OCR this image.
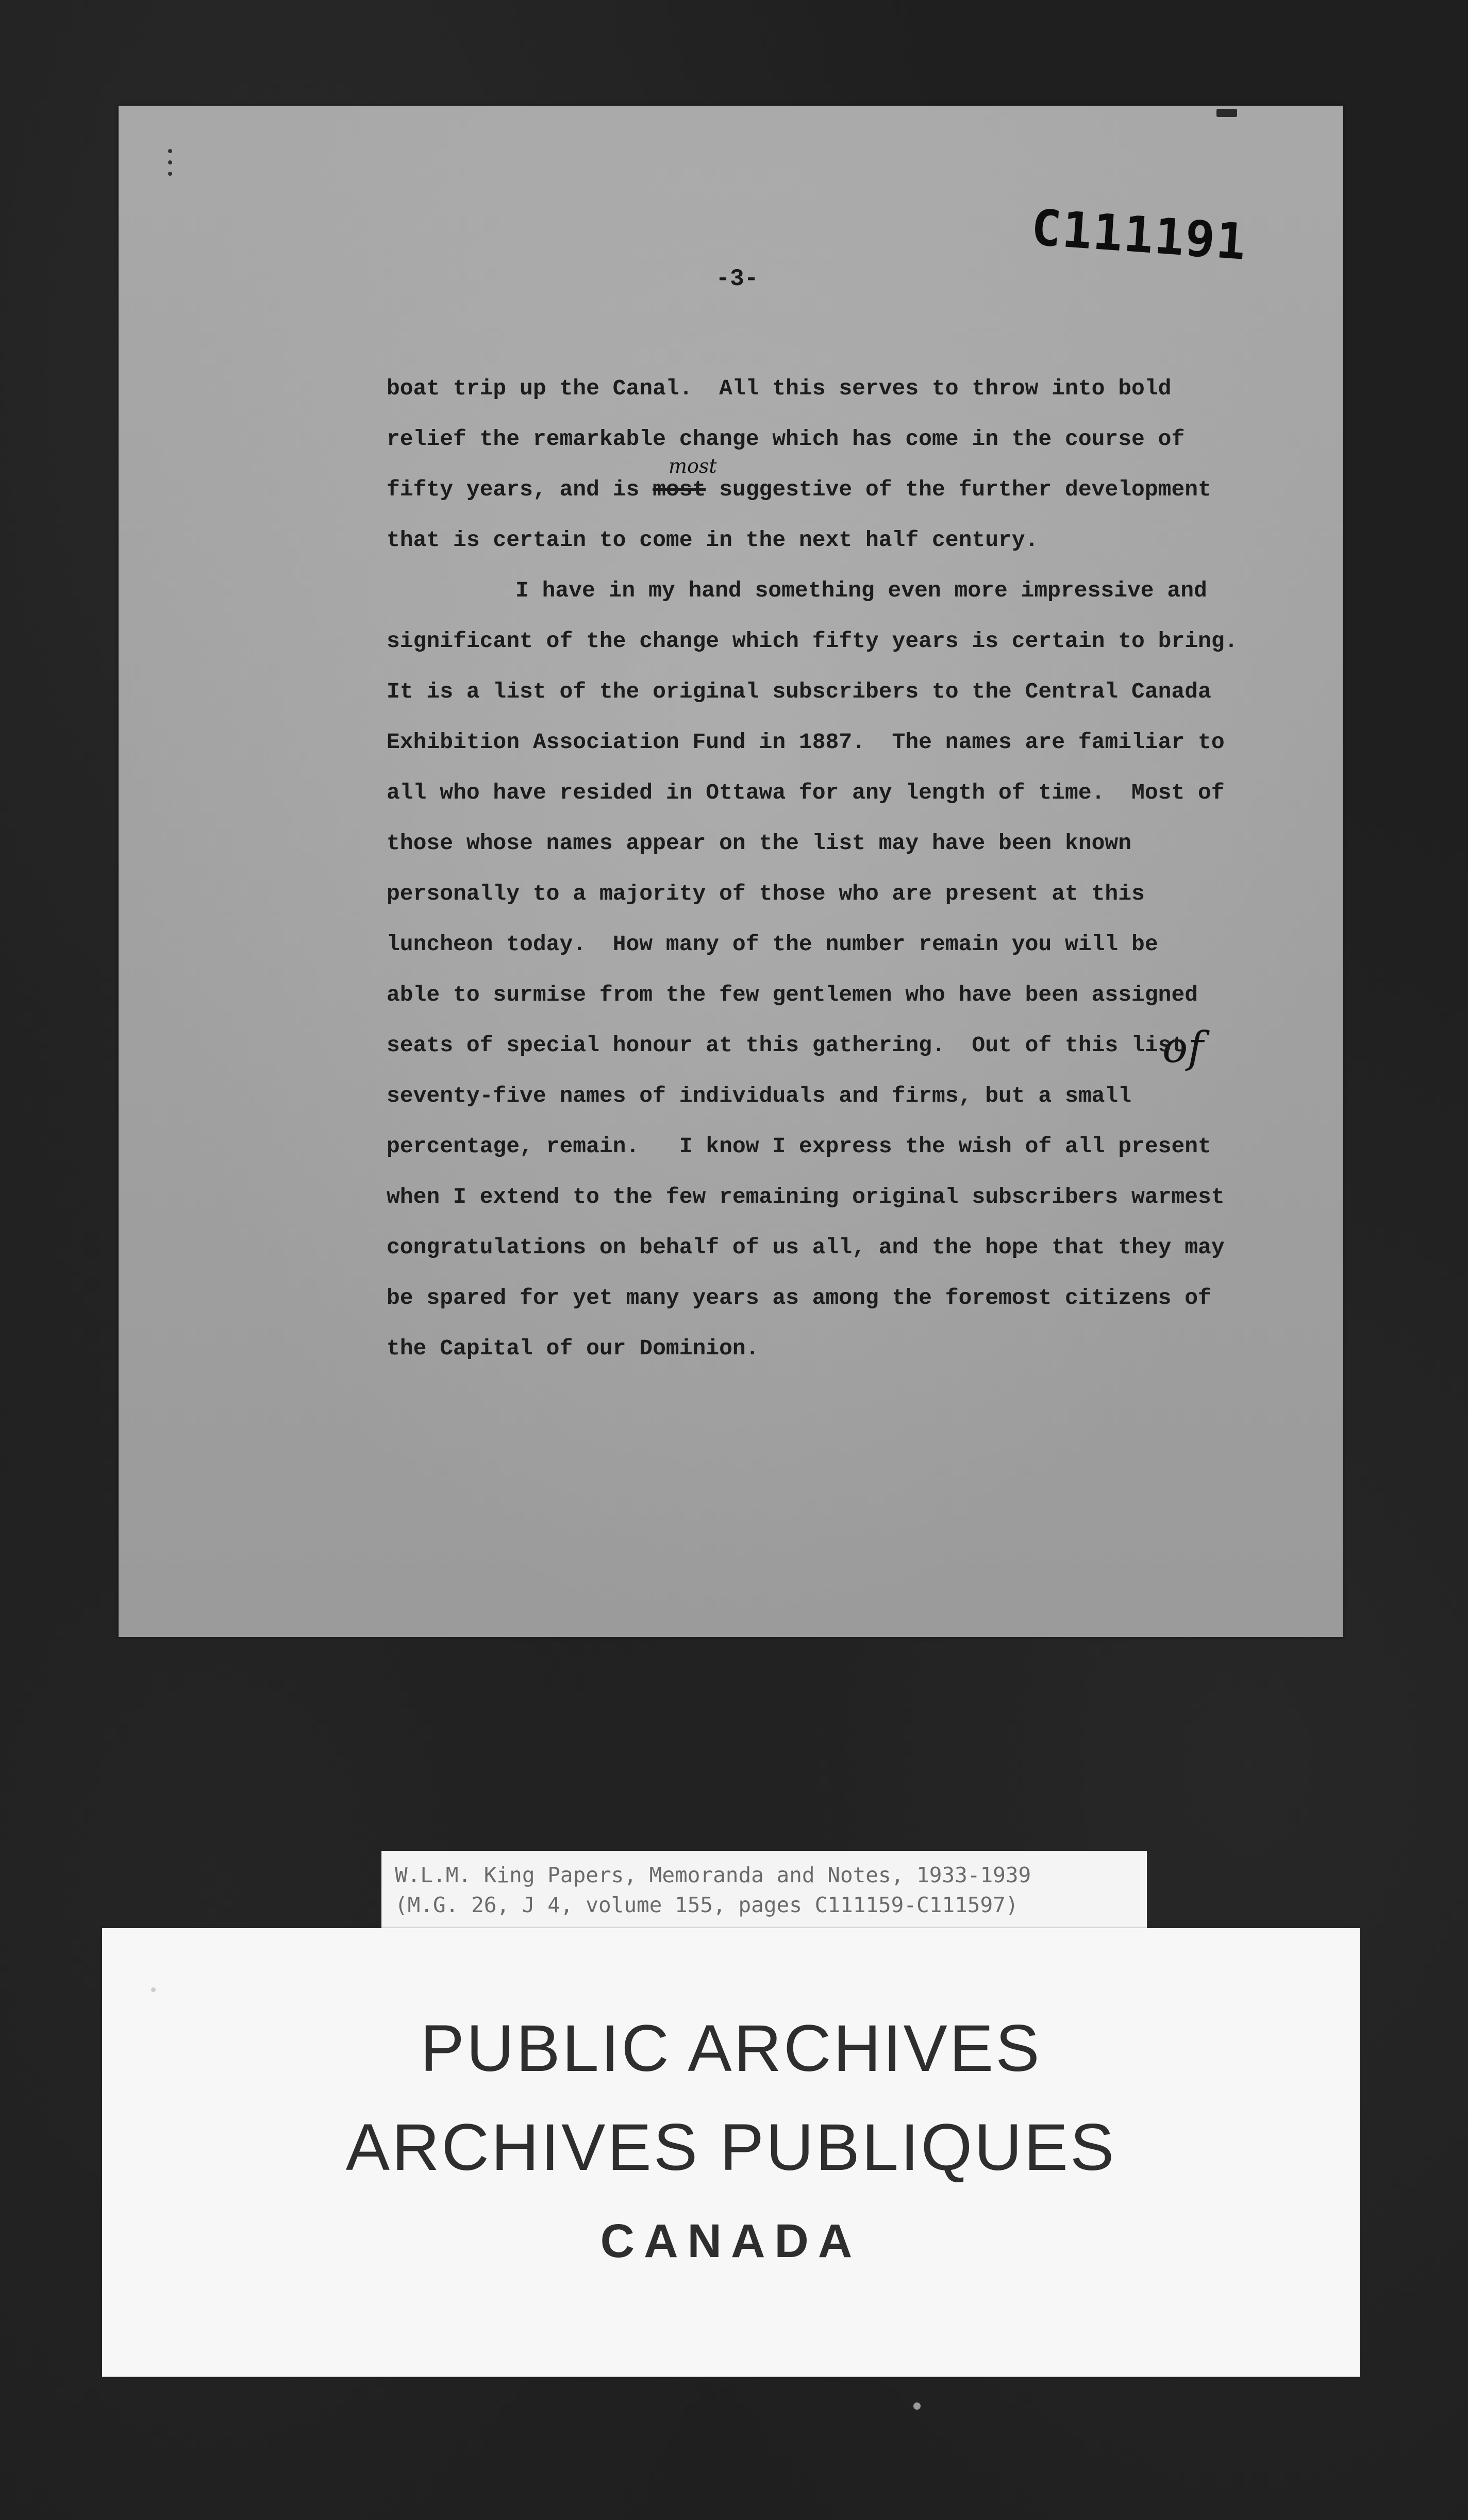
C111191
-3-
most
of

boat trip up the Canal.  All this serves to throw into bold
relief the remarkable change which has come in the course of
fifty years, and is most suggestive of the further development
that is certain to come in the next half century.
I have in my hand something even more impressive and
significant of the change which fifty years is certain to bring.
It is a list of the original subscribers to the Central Canada
Exhibition Association Fund in 1887.  The names are familiar to
all who have resided in Ottawa for any length of time.  Most of
those whose names appear on the list may have been known
personally to a majority of those who are present at this
luncheon today.  How many of the number remain you will be
able to surmise from the few gentlemen who have been assigned
seats of special honour at this gathering.  Out of this list
seventy-five names of individuals and firms, but a small
percentage, remain.   I know I express the wish of all present
when I extend to the few remaining original subscribers warmest
congratulations on behalf of us all, and the hope that they may
be spared for yet many years as among the foremost citizens of
the Capital of our Dominion.

W.L.M. King Papers, Memoranda and Notes, 1933-1939
(M.G. 26, J 4, volume 155, pages C111159-C111597)
PUBLIC ARCHIVES
ARCHIVES PUBLIQUES
CANADA
